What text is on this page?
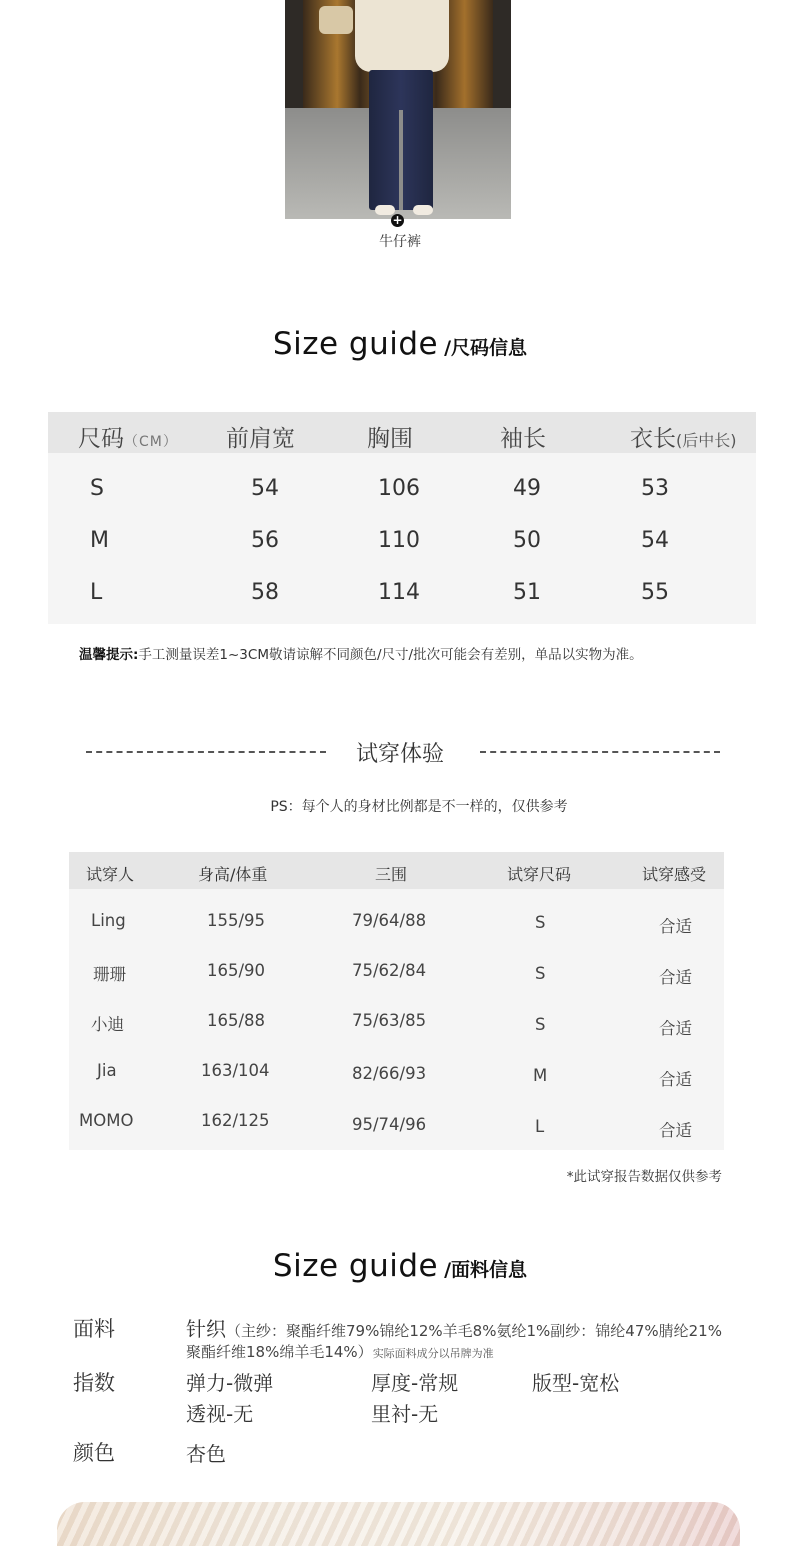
+
牛仔裤
Size guide /尺码信息
尺码（CM） 前肩宽	胸围	袖长	衣长(后中长)
S	54	106	49	53
M	56	110	50	54
L	58	114	51	55
温馨提示:手工测量误差1~3CM敬请谅解不同颜色/尺寸/批次可能会有差别，单品以实物为准。
试穿体验
PS：每个人的身材比例都是不一样的，仅供参考
试穿人	身高/体重	三围	试穿尺码	试穿感受
Ling	155/95	79/64/88	S	合适
珊珊	165/90	75/62/84	S	合适
小迪	165/88	75/63/85	S	合适
Jia	163/104	82/66/93	M	合适
MOMO	162/125	95/74/96	L	合适
*此试穿报告数据仅供参考
Size guide /面料信息
面料	针织（主纱：聚酯纤维79%锦纶12%羊毛8%氨纶1%副纱：锦纶47%腈纶21%
聚酯纤维18%绵羊毛14%）实际面料成分以吊牌为准
指数	弹力-微弹	厚度-常规	版型-宽松
透视-无	里衬-无
颜色	杏色
